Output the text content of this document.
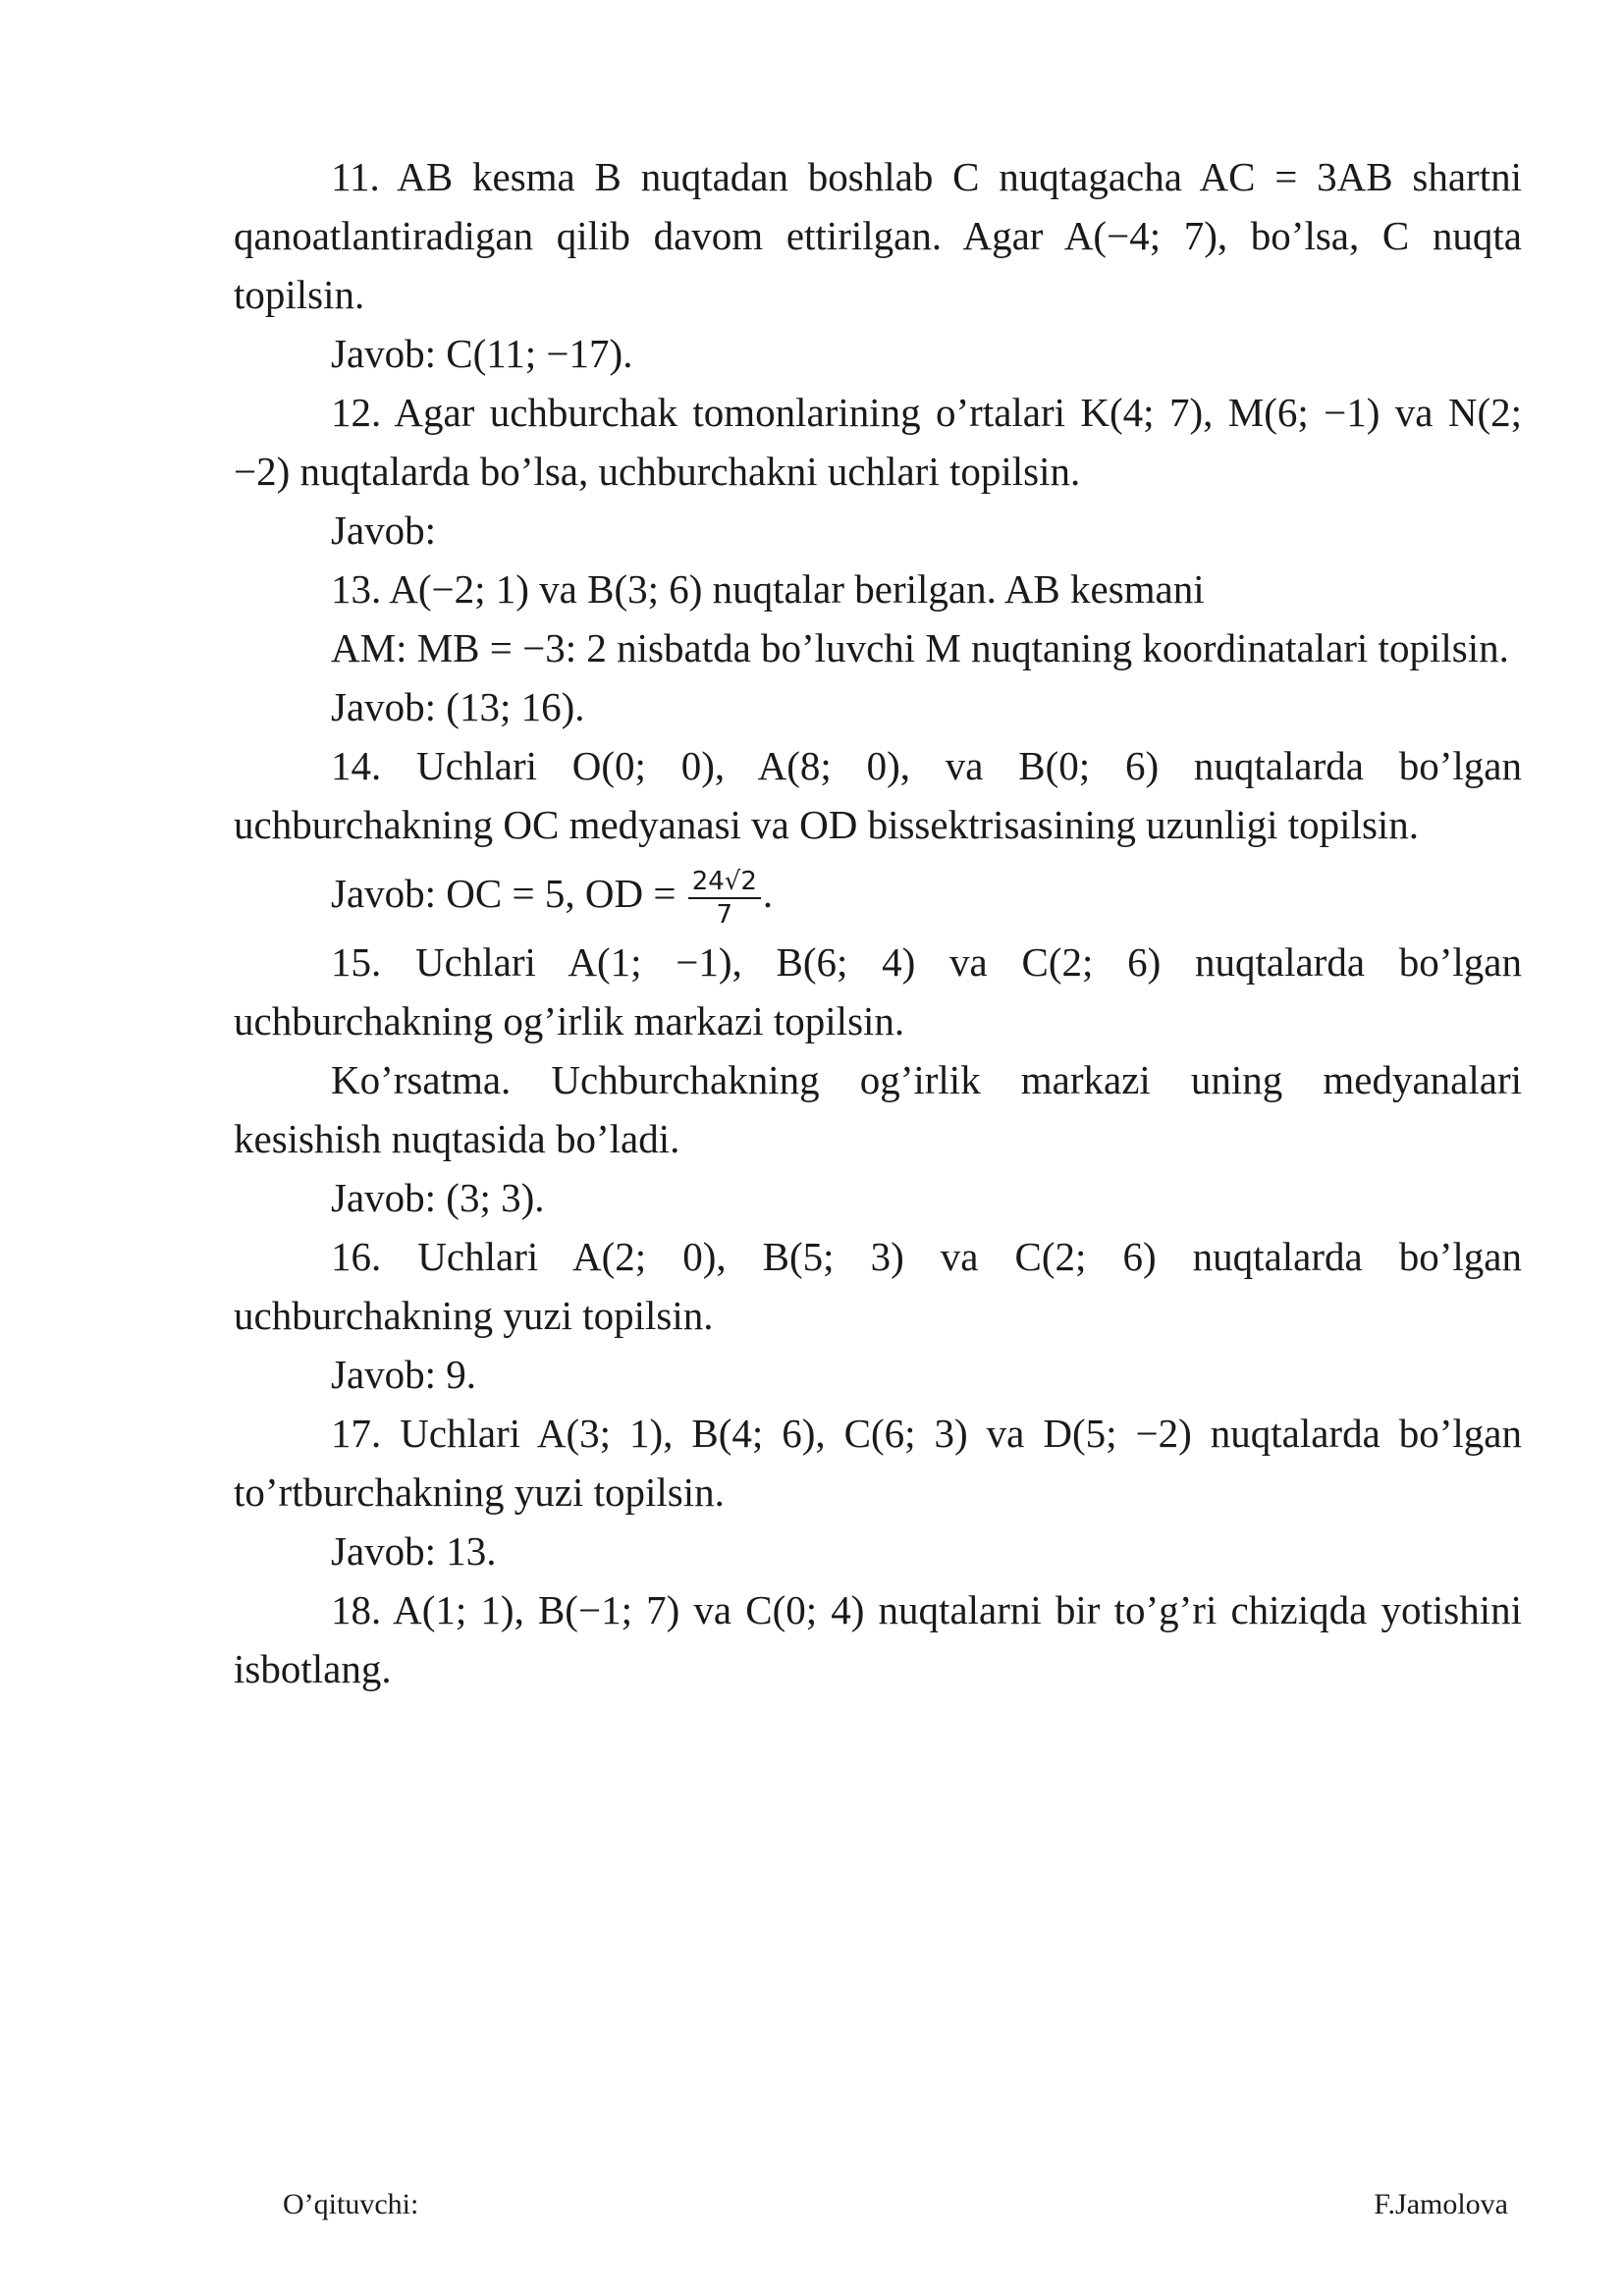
11. AB kesma B nuqtadan boshlab C nuqtagacha AC = 3AB shartni qanoatlantiradigan qilib davom ettirilgan. Agar A(−4; 7), bo’lsa, C nuqta topilsin.

Javob: C(11; −17).

12. Agar uchburchak tomonlarining o’rtalari K(4; 7), M(6; −1) va N(2; −2) nuqtalarda bo’lsa, uchburchakni uchlari topilsin.

Javob:

13. A(−2; 1) va B(3; 6) nuqtalar berilgan. AB kesmani

AM: MB = −3: 2 nisbatda bo’luvchi M nuqtaning koordinatalari topilsin.

Javob: (13; 16).

14. Uchlari O(0; 0), A(8; 0), va B(0; 6) nuqtalarda bo’lgan uchburchakning OC medyanasi va OD bissektrisasining uzunligi topilsin.

Javob: OC = 5, OD = $\frac{24√2}{7}$ .

15. Uchlari A(1; −1), B(6; 4) va C(2; 6) nuqtalarda bo’lgan uchburchakning og’irlik markazi topilsin.

Ko’rsatma. Uchburchakning og’irlik markazi uning medyanalari kesishish nuqtasida bo’ladi.

Javob: (3; 3).

16. Uchlari A(2; 0), B(5; 3) va C(2; 6) nuqtalarda bo’lgan uchburchakning yuzi topilsin.

Javob: 9.

17. Uchlari A(3; 1), B(4; 6), C(6; 3) va D(5; −2) nuqtalarda bo’lgan to’rtburchakning yuzi topilsin.

Javob: 13.

18. A(1; 1), B(−1; 7) va C(0; 4) nuqtalarni bir to’g’ri chiziqda yotishini isbotlang.

O’qituvchi:	F.Jamolova
